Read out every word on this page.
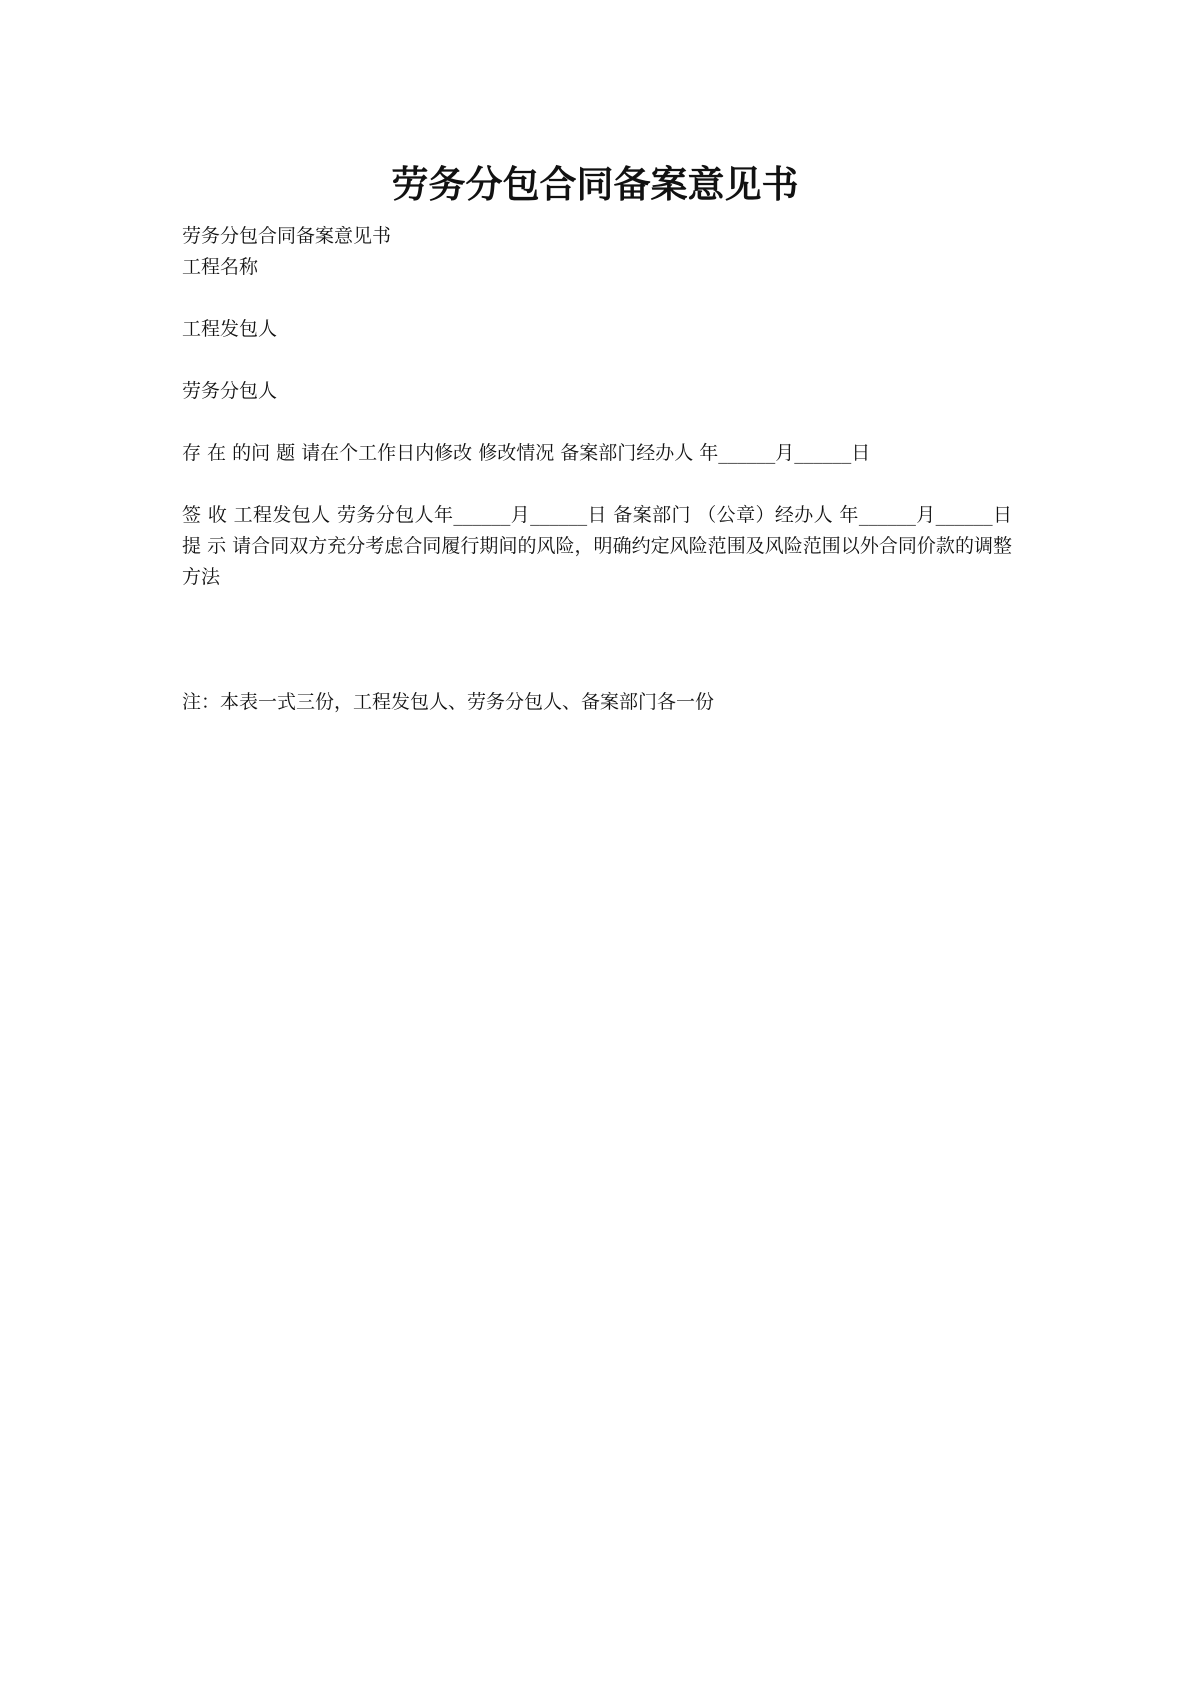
劳务分包合同备案意见书

劳务分包合同备案意见书

工程名称

工程发包人

劳务分包人

存 在 的问 题 请在个工作日内修改 修改情况 备案部门经办人 年______月______日

签 收 工程发包人 劳务分包人年______月______日 备案部门 （公章）经办人 年______月______日 提 示 请合同双方充分考虑合同履行期间的风险，明确约定风险范围及风险范围以外合同价款的调整方法

注：本表一式三份，工程发包人、劳务分包人、备案部门各一份
